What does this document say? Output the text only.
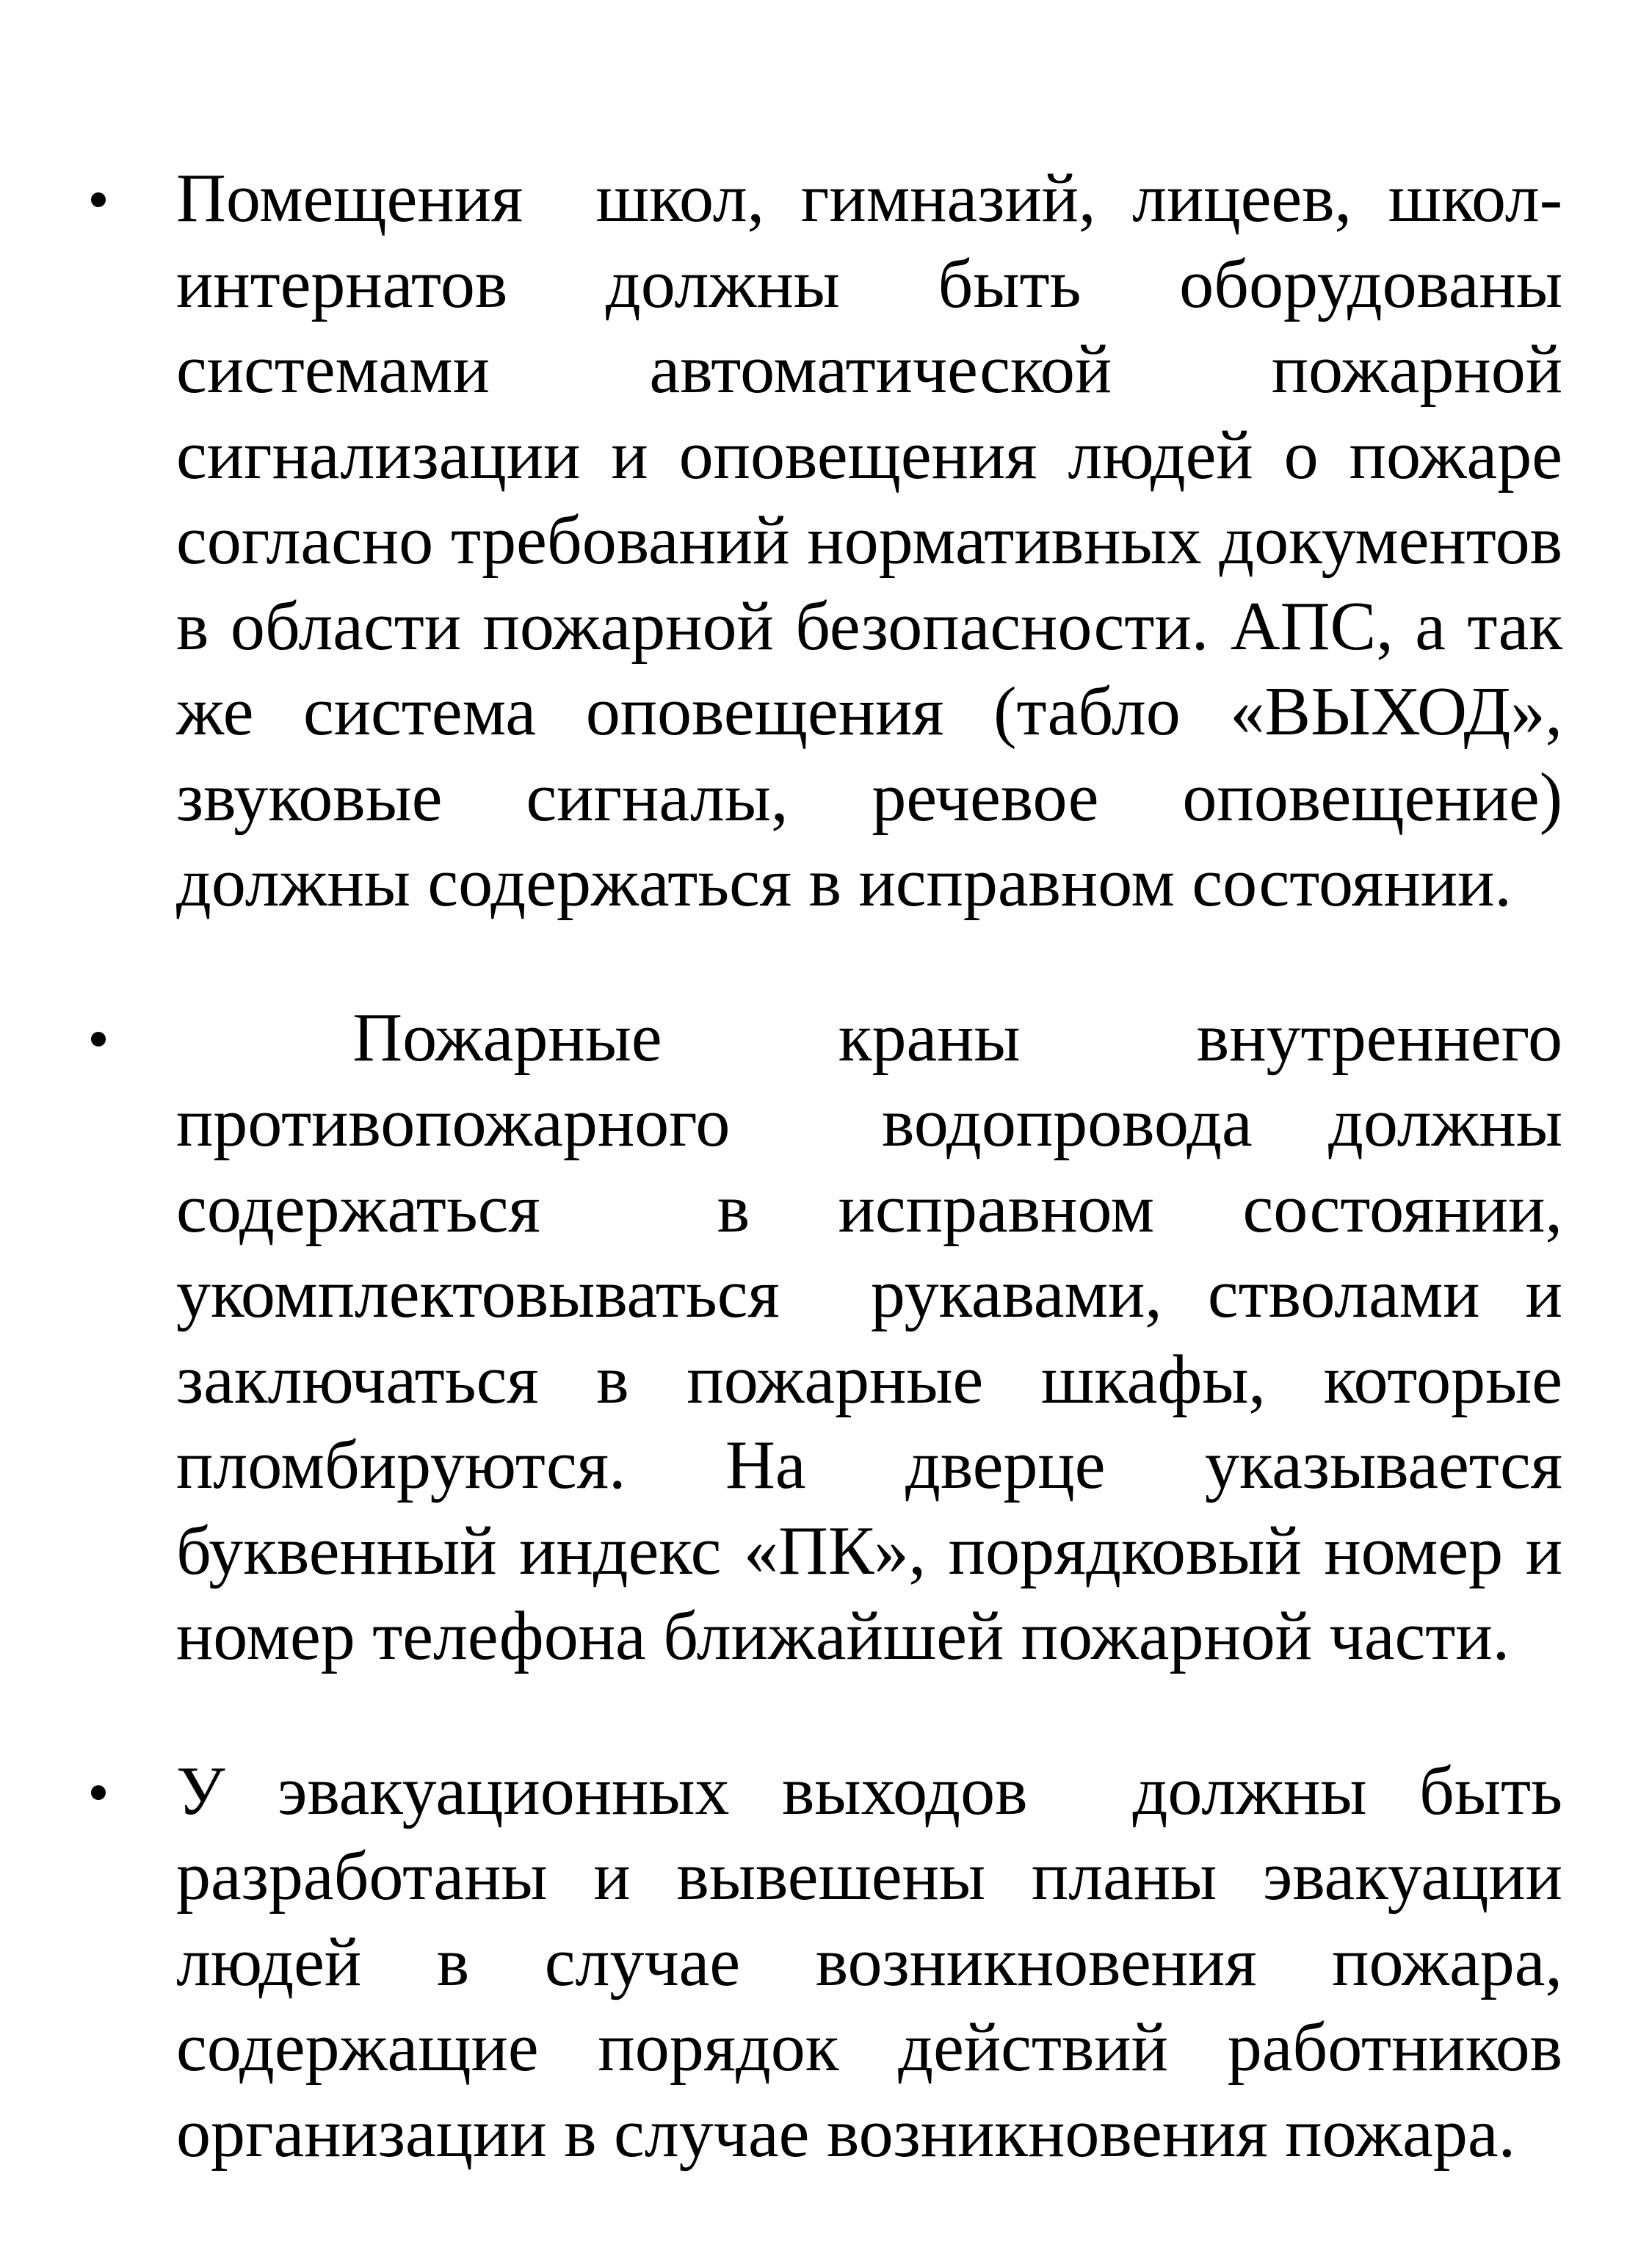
Помещения  школ, гимназий, лицеев, школ-интернатов должны быть оборудованы системами автоматической пожарной сигнализации и оповещения людей о пожаре согласно требований нормативных документов в области пожарной безопасности. АПС, а так же система оповещения (табло «ВЫХОД», звуковые сигналы, речевое оповещение) должны содержаться в исправном состоянии.

Пожарные краны внутреннего противопожарного  водопровода должны содержаться  в исправном состоянии, укомплектовываться  рукавами, стволами и заключаться в пожарные шкафы, которые пломбируются. На дверце указывается буквенный индекс «ПК», порядковый номер и номер телефона ближайшей пожарной части.

У эвакуационных выходов  должны быть разработаны и вывешены планы эвакуации людей в случае возникновения пожара, содержащие порядок действий работников организации в случае возникновения пожара.
